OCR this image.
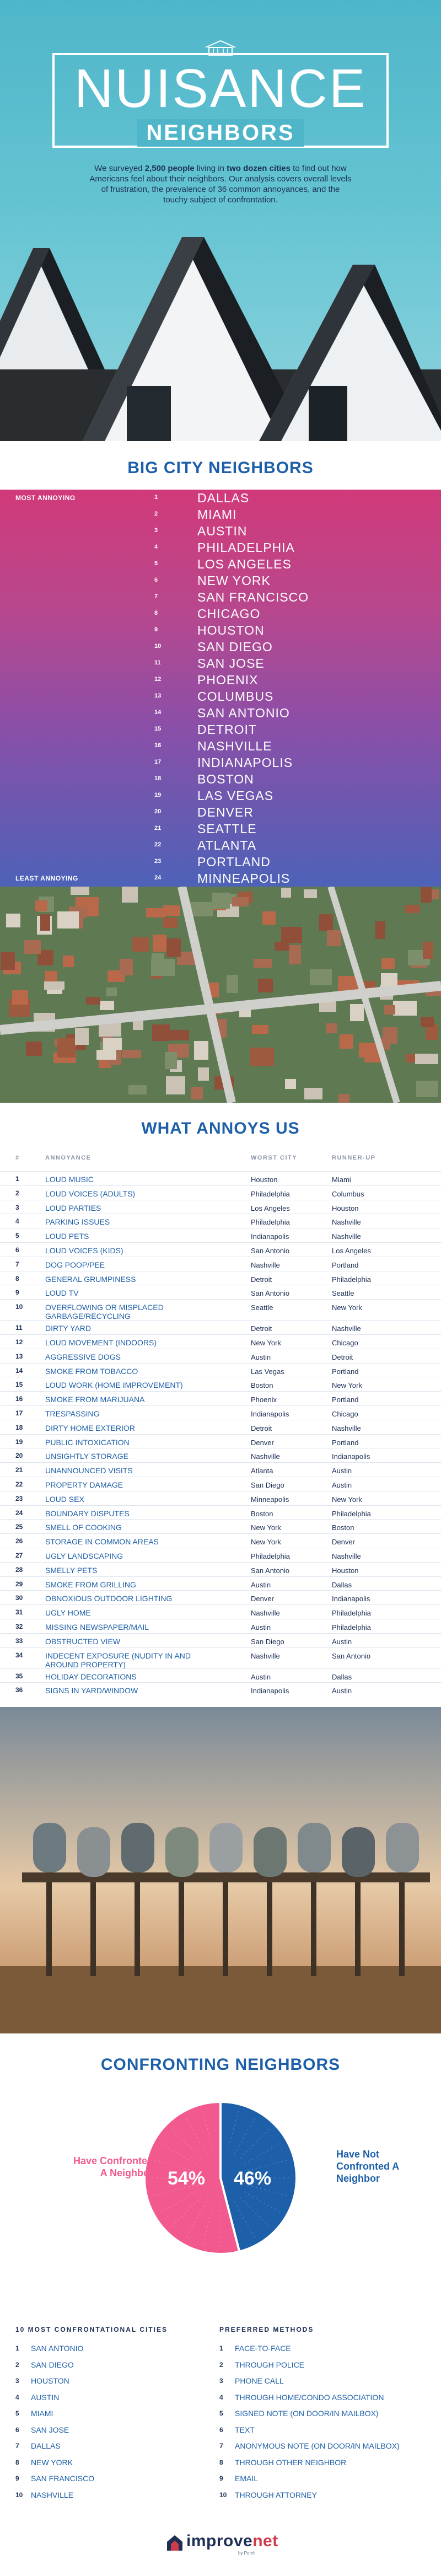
NUISANCE
NEIGHBORS
We surveyed 2,500 people living in two dozen cities to find out how Americans feel about their neighbors. Our analysis covers overall levels of frustration, the prevalence of 36 common annoyances, and the touchy subject of confrontation.
BIG CITY NEIGHBORS
MOST ANNOYING	1	DALLAS
2	MIAMI
3	AUSTIN
4	PHILADELPHIA
5	LOS ANGELES
6	NEW YORK
7	SAN FRANCISCO
8	CHICAGO
9	HOUSTON
10	SAN DIEGO
11	SAN JOSE
12	PHOENIX
13	COLUMBUS
14	SAN ANTONIO
15	DETROIT
16	NASHVILLE
17	INDIANAPOLIS
18	BOSTON
19	LAS VEGAS
20	DENVER
21	SEATTLE
22	ATLANTA
23	PORTLAND
LEAST ANNOYING	24	MINNEAPOLIS
WHAT ANNOYS US
#	ANNOYANCE	WORST CITY	RUNNER-UP
1	LOUD MUSIC	Houston	Miami
2	LOUD VOICES (ADULTS)	Philadelphia	Columbus
3	LOUD PARTIES	Los Angeles	Houston
4	PARKING ISSUES	Philadelphia	Nashville
5	LOUD PETS	Indianapolis	Nashville
6	LOUD VOICES (KIDS)	San Antonio	Los Angeles
7	DOG POOP/PEE	Nashville	Portland
8	GENERAL GRUMPINESS	Detroit	Philadelphia
9	LOUD TV	San Antonio	Seattle
10	OVERFLOWING OR MISPLACED GARBAGE/RECYCLING
Seattle	New York
11	DIRTY YARD	Detroit	Nashville
12	LOUD MOVEMENT (INDOORS)	New York	Chicago
13	AGGRESSIVE DOGS	Austin	Detroit
14	SMOKE FROM TOBACCO	Las Vegas	Portland
15	LOUD WORK (HOME IMPROVEMENT)	Boston	New York
16	SMOKE FROM MARIJUANA	Phoenix	Portland
17	TRESPASSING	Indianapolis	Chicago
18	DIRTY HOME EXTERIOR	Detroit	Nashville
19	PUBLIC INTOXICATION	Denver	Portland
20	UNSIGHTLY STORAGE	Nashville	Indianapolis
21	UNANNOUNCED VISITS	Atlanta	Austin
22	PROPERTY DAMAGE	San Diego	Austin
23	LOUD SEX	Minneapolis	New York
24	BOUNDARY DISPUTES	Boston	Philadelphia
25	SMELL OF COOKING	New York	Boston
26	STORAGE IN COMMON AREAS	New York	Denver
27	UGLY LANDSCAPING	Philadelphia	Nashville
28	SMELLY PETS	San Antonio	Houston
29	SMOKE FROM GRILLING	Austin	Dallas
30	OBNOXIOUS OUTDOOR LIGHTING	Denver	Indianapolis
31	UGLY HOME	Nashville	Philadelphia
32	MISSING NEWSPAPER/MAIL	Austin	Philadelphia
33	OBSTRUCTED VIEW	San Diego	Austin
34	INDECENT EXPOSURE (NUDITY IN AND AROUND PROPERTY)
Nashville	San Antonio
35	HOLIDAY DECORATIONS	Austin	Dallas
36	SIGNS IN YARD/WINDOW	Indianapolis	Austin
CONFRONTING NEIGHBORS
Have Confronted
A Neighbor
Have Not
Confronted A
Neighbor
54% 46%
10 MOST CONFRONTATIONAL CITIES	PREFERRED METHODS
1 SAN ANTONIO
2 SAN DIEGO
3 HOUSTON
4 AUSTIN
5 MIAMI
6 SAN JOSE
7 DALLAS
8 NEW YORK
9 SAN FRANCISCO
10 NASHVILLE
1 FACE-TO-FACE
2 THROUGH POLICE
3 PHONE CALL
4 THROUGH HOME/CONDO ASSOCIATION
5 SIGNED NOTE (ON DOOR/IN MAILBOX)
6 TEXT
7 ANONYMOUS NOTE (ON DOOR/IN MAILBOX)
8 THROUGH OTHER NEIGHBOR
9 EMAIL
10 THROUGH ATTORNEY
improvenet
by Porch
